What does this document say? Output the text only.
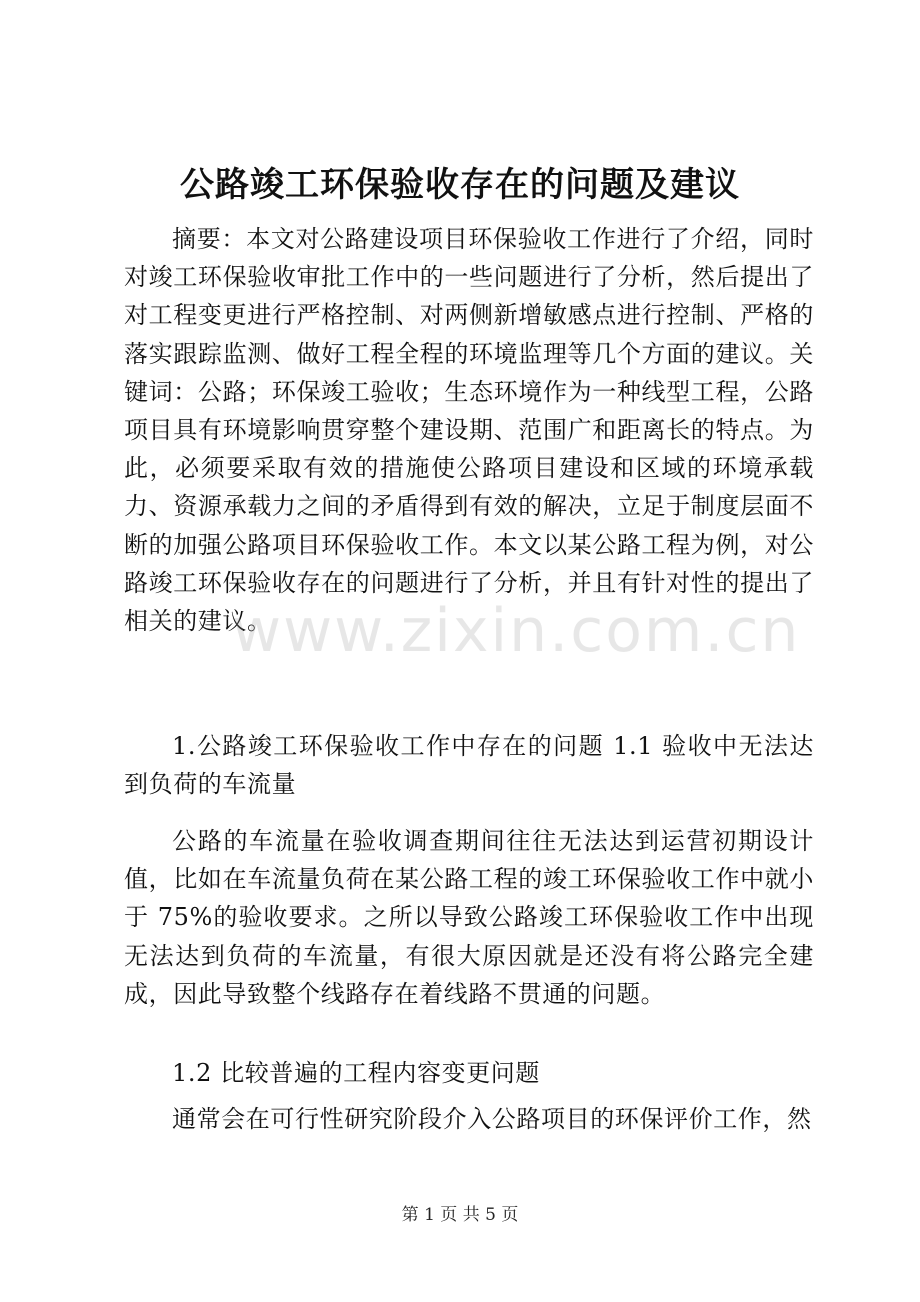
公路竣工环保验收存在的问题及建议

摘要：本文对公路建设项目环保验收工作进行了介绍，同时对竣工环保验收审批工作中的一些问题进行了分析，然后提出了对工程变更进行严格控制、对两侧新增敏感点进行控制、严格的落实跟踪监测、做好工程全程的环境监理等几个方面的建议。关键词：公路；环保竣工验收；生态环境作为一种线型工程，公路项目具有环境影响贯穿整个建设期、范围广和距离长的特点。为此，必须要采取有效的措施使公路项目建设和区域的环境承载力、资源承载力之间的矛盾得到有效的解决，立足于制度层面不断的加强公路项目环保验收工作。本文以某公路工程为例，对公路竣工环保验收存在的问题进行了分析，并且有针对性的提出了相关的建议。

www.zixin.com.cn

1.公路竣工环保验收工作中存在的问题 1.1 验收中无法达到负荷的车流量

公路的车流量在验收调查期间往往无法达到运营初期设计值，比如在车流量负荷在某公路工程的竣工环保验收工作中就小于 75%的验收要求。之所以导致公路竣工环保验收工作中出现无法达到负荷的车流量，有很大原因就是还没有将公路完全建成，因此导致整个线路存在着线路不贯通的问题。

1.2 比较普遍的工程内容变更问题

通常会在可行性研究阶段介入公路项目的环保评价工作，然

第 1 页 共 5 页
